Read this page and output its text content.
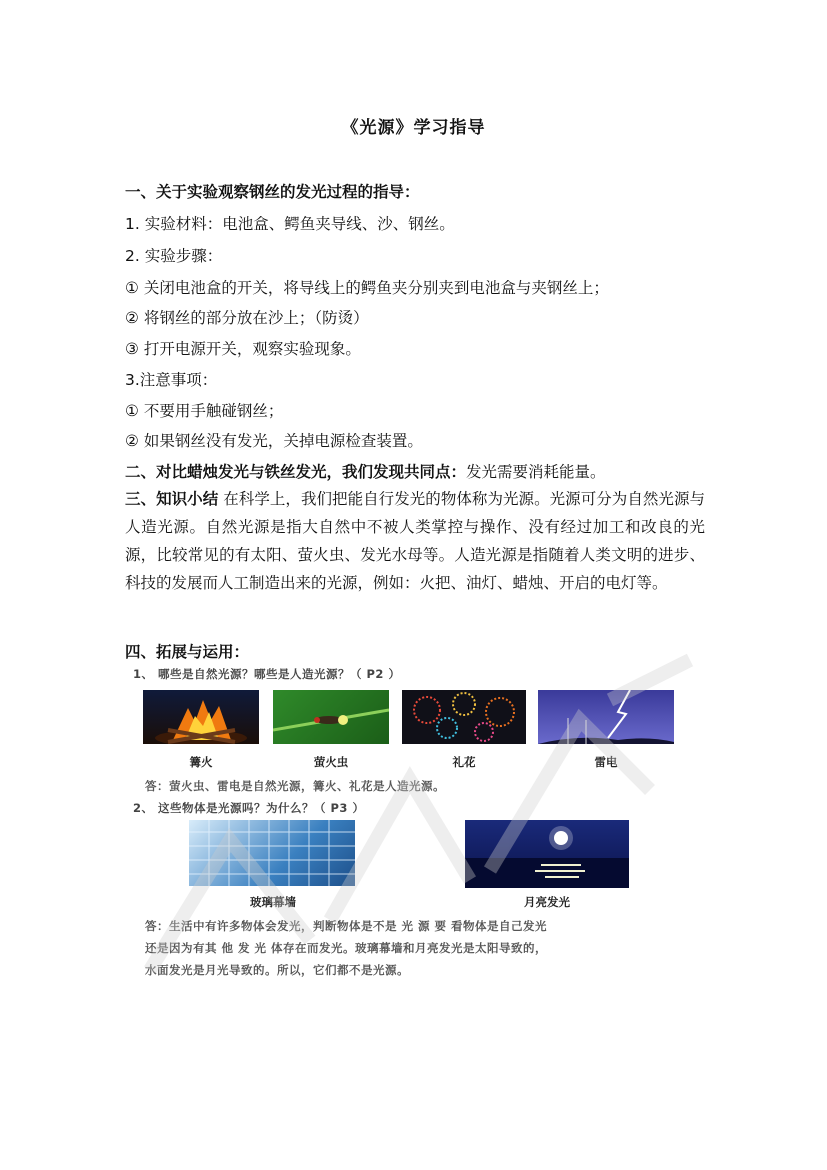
《光源》学习指导
一、关于实验观察钢丝的发光过程的指导：
1. 实验材料：电池盒、鳄鱼夹导线、沙、钢丝。
2. 实验步骤：
① 关闭电池盒的开关，将导线上的鳄鱼夹分别夹到电池盒与夹钢丝上；
② 将钢丝的部分放在沙上；（防烫）
③ 打开电源开关，观察实验现象。
3.注意事项：
① 不要用手触碰钢丝；
② 如果钢丝没有发光，关掉电源检查装置。
二、对比蜡烛发光与铁丝发光，我们发现共同点：发光需要消耗能量。
三、知识小结 在科学上，我们把能自行发光的物体称为光源。光源可分为自然光源与人造光源。自然光源是指大自然中不被人类掌控与操作、没有经过加工和改良的光源，比较常见的有太阳、萤火虫、发光水母等。人造光源是指随着人类文明的进步、科技的发展而人工制造出来的光源，例如：火把、油灯、蜡烛、开启的电灯等。
四、拓展与运用：
1、 哪些是自然光源？哪些是人造光源？（ P2 ）
篝火	萤火虫	礼花	雷电
答：萤火虫、雷电是自然光源，篝火、礼花是人造光源。
2、 这些物体是光源吗？为什么？（ P3 ）
玻璃幕墙	月亮发光
答：生活中有许多物体会发光，判断物体是不是 光 源 要 看物体是自己发光
还是因为有其 他 发 光 体存在而发光。玻璃幕墙和月亮发光是太阳导致的，
水面发光是月光导致的。所以，它们都不是光源。
